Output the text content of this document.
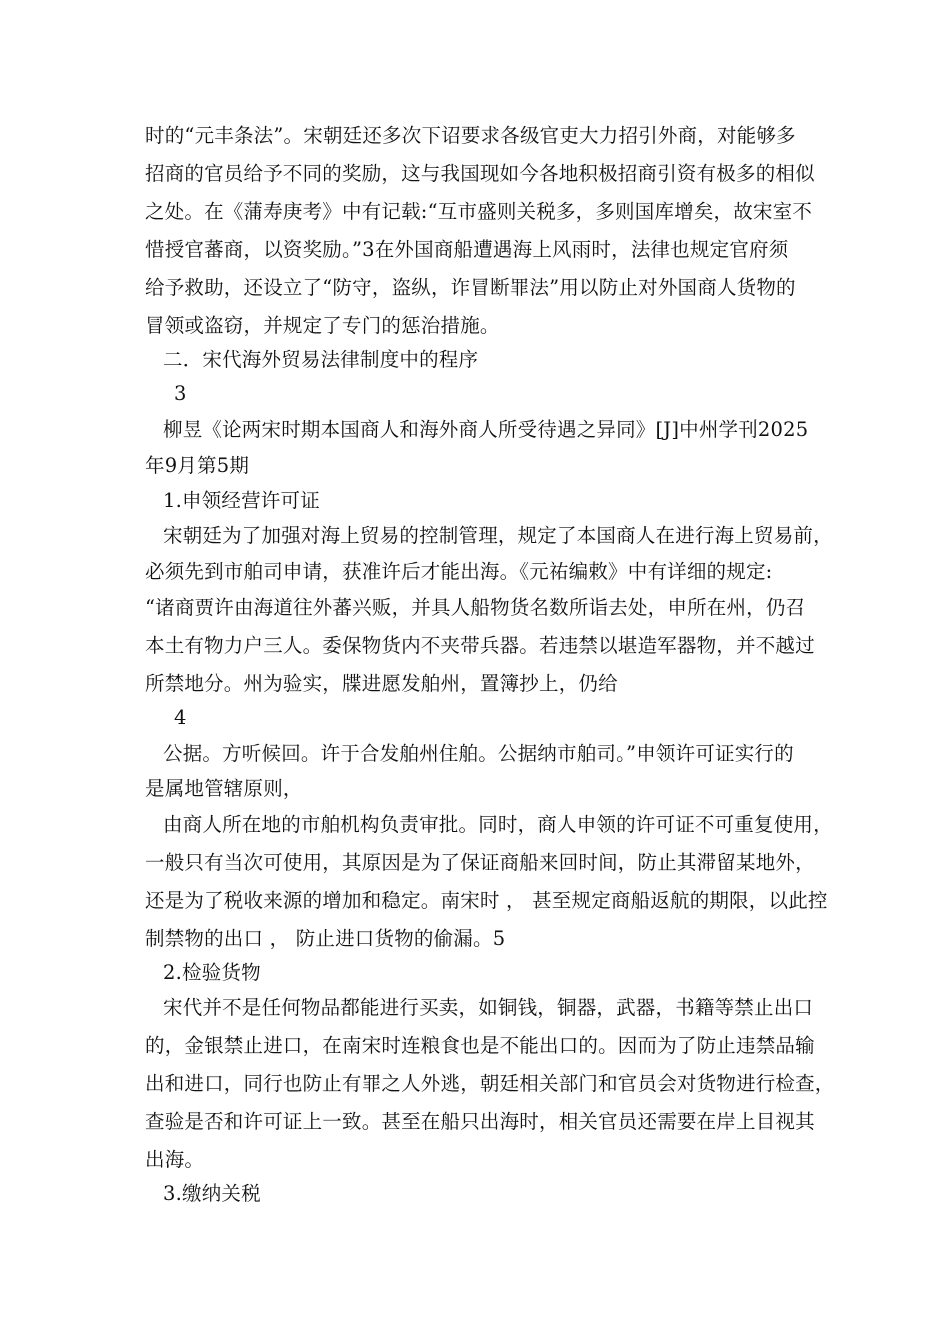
时的“元丰条法”。宋朝廷还多次下诏要求各级官吏大力招引外商，对能够多
招商的官员给予不同的奖励，这与我国现如今各地积极招商引资有极多的相似
之处。在《蒲寿庚考》中有记载:“互市盛则关税多，多则国库增矣，故宋室不
惜授官蕃商，以资奖励。”3在外国商船遭遇海上风雨时，法律也规定官府须
给予救助，还设立了“防守，盗纵，诈冒断罪法”用以防止对外国商人货物的
冒领或盗窃，并规定了专门的惩治措施。
二．宋代海外贸易法律制度中的程序
3
柳昱《论两宋时期本国商人和海外商人所受待遇之异同》[J]中州学刊2025
年9月第5期
1.申领经营许可证
宋朝廷为了加强对海上贸易的控制管理，规定了本国商人在进行海上贸易前，
必须先到市舶司申请，获准许后才能出海。《元祐编敕》中有详细的规定:
“诸商贾许由海道往外蕃兴贩，并具人船物货名数所诣去处，申所在州，仍召
本土有物力户三人。委保物货内不夹带兵器。若违禁以堪造军器物，并不越过
所禁地分。州为验实，牒进愿发舶州，置簿抄上，仍给
4
公据。方听候回。许于合发舶州住舶。公据纳市舶司。”申领许可证实行的
是属地管辖原则，
由商人所在地的市舶机构负责审批。同时，商人申领的许可证不可重复使用，
一般只有当次可使用，其原因是为了保证商船来回时间，防止其滞留某地外，
还是为了税收来源的增加和稳定。南宋时 ， 甚至规定商船返航的期限，以此控
制禁物的出口 ， 防止进口货物的偷漏。5
2.检验货物
宋代并不是任何物品都能进行买卖，如铜钱，铜器，武器，书籍等禁止出口
的，金银禁止进口，在南宋时连粮食也是不能出口的。因而为了防止违禁品输
出和进口，同行也防止有罪之人外逃，朝廷相关部门和官员会对货物进行检查，
查验是否和许可证上一致。甚至在船只出海时，相关官员还需要在岸上目视其
出海。
3.缴纳关税
